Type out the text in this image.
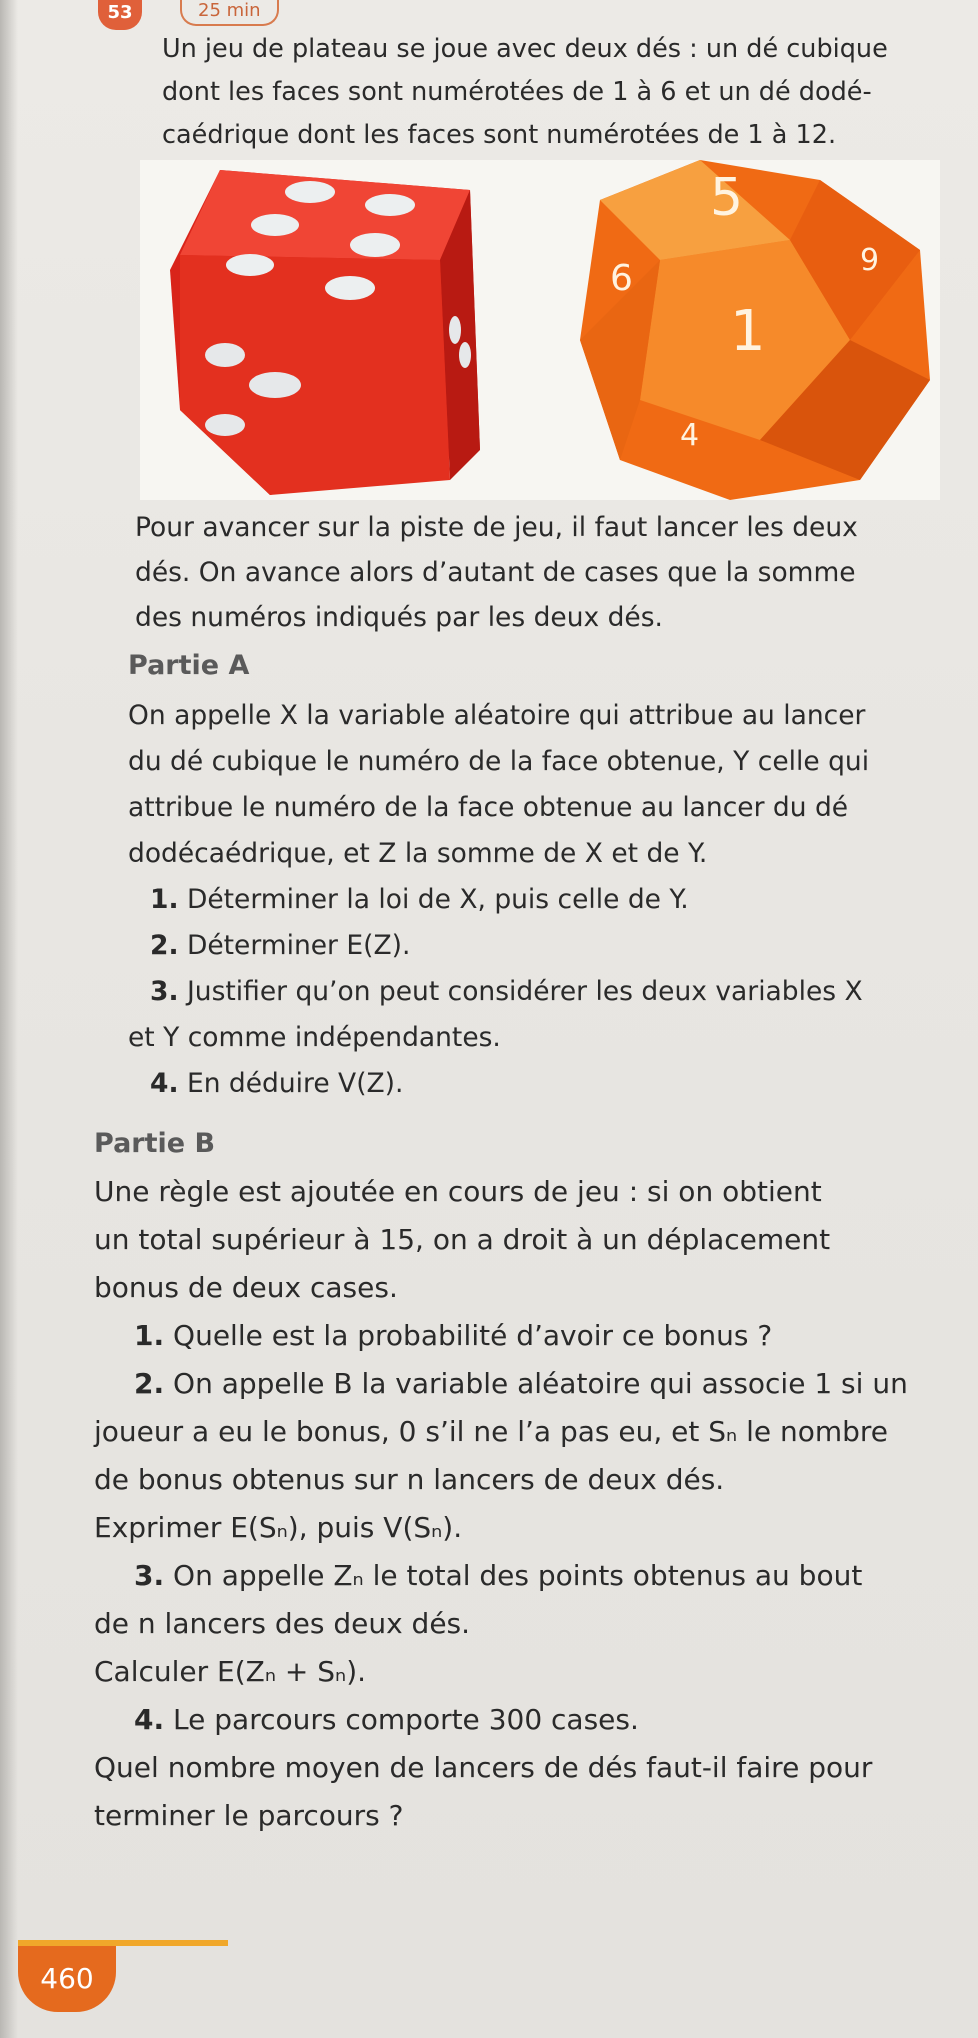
53	25 min
Un jeu de plateau se joue avec deux dés : un dé cubique
dont les faces sont numérotées de 1 à 6 et un dé dodé-
caédrique dont les faces sont numérotées de 1 à 12.
5
6
1
4
9
Pour avancer sur la piste de jeu, il faut lancer les deux
dés. On avance alors d’autant de cases que la somme
des numéros indiqués par les deux dés.
Partie A
On appelle X la variable aléatoire qui attribue au lancer
du dé cubique le numéro de la face obtenue, Y celle qui
attribue le numéro de la face obtenue au lancer du dé
dodécaédrique, et Z la somme de X et de Y.
1. Déterminer la loi de X, puis celle de Y.
2. Déterminer E(Z).
3. Justifier qu’on peut considérer les deux variables X
et Y comme indépendantes.
4. En déduire V(Z).
Partie B
Une règle est ajoutée en cours de jeu : si on obtient
un total supérieur à 15, on a droit à un déplacement
bonus de deux cases.
1. Quelle est la probabilité d’avoir ce bonus ?
2. On appelle B la variable aléatoire qui associe 1 si un
joueur a eu le bonus, 0 s’il ne l’a pas eu, et Sₙ le nombre
de bonus obtenus sur n lancers de deux dés.
Exprimer E(Sₙ), puis V(Sₙ).
3. On appelle Zₙ le total des points obtenus au bout
de n lancers des deux dés.
Calculer E(Zₙ + Sₙ).
4. Le parcours comporte 300 cases.
Quel nombre moyen de lancers de dés faut-il faire pour
terminer le parcours ?
460
